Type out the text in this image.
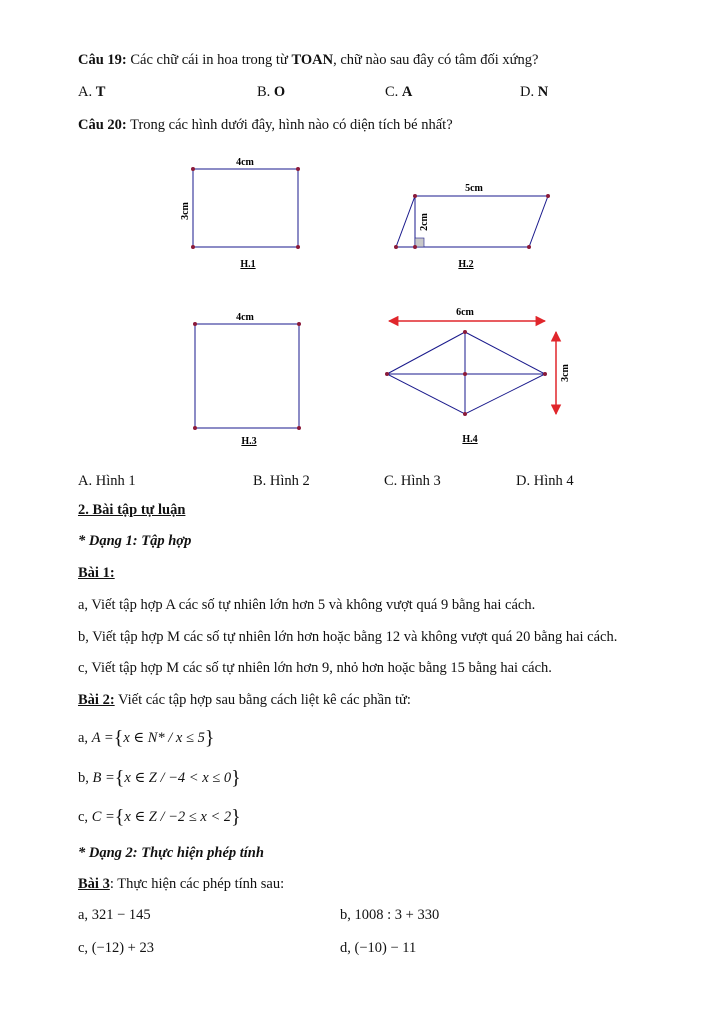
Câu 19: Các chữ cái in hoa trong từ TOAN, chữ nào sau đây có tâm đối xứng?
A. T	B. O	C. A	D. N
Câu 20: Trong các hình dưới đây, hình nào có diện tích bé nhất?
4cm
3cm
H.1
5cm
2cm
H.2
4cm
H.3
6cm
3cm
H.4
A. Hình 1	B. Hình 2	C. Hình 3	D. Hình 4
2. Bài tập tự luận
* Dạng 1: Tập hợp
Bài 1:
a, Viết tập hợp A các số tự nhiên lớn hơn 5 và không vượt quá 9 bằng hai cách.
b, Viết tập hợp M các số tự nhiên lớn hơn hoặc bằng 12 và không vượt quá 20 bằng hai cách.
c, Viết tập hợp M các số tự nhiên lớn hơn 9, nhỏ hơn hoặc bằng 15 bằng hai cách.
Bài 2: Viết các tập hợp sau bằng cách liệt kê các phần tử:
a, A ={x ∈ N* / x ≤ 5}
b, B ={x ∈ Z / −4 < x ≤ 0}
c, C ={x ∈ Z / −2 ≤ x < 2}
* Dạng 2: Thực hiện phép tính
Bài 3: Thực hiện các phép tính sau:
a, 321 − 145	b, 1008 : 3 + 330
c, (−12) + 23	d, (−10) − 11
